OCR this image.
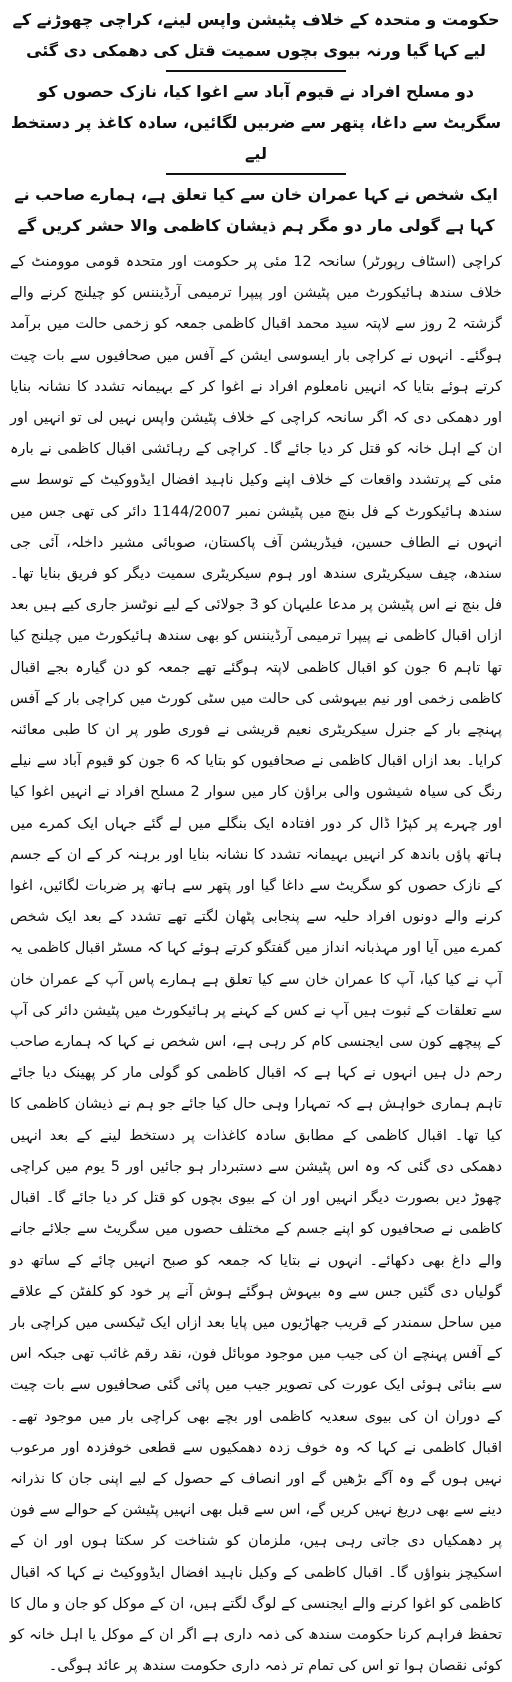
حکومت و متحدہ کے خلاف پٹیشن واپس لینے، کراچی چھوڑنے کے لیے کہا گیا ورنہ بیوی بچوں سمیت قتل کی دھمکی دی گئی

دو مسلح افراد نے قیوم آباد سے اغوا کیا، نازک حصوں کو سگریٹ سے داغا، پتھر سے ضربیں لگائیں، سادہ کاغذ پر دستخط لیے

ایک شخص نے کہا عمران خان سے کیا تعلق ہے، ہمارے صاحب نے کہا ہے گولی مار دو مگر ہم ذیشان کاظمی والا حشر کریں گے

کراچی (اسٹاف رپورٹر) سانحہ 12 مئی پر حکومت اور متحدہ قومی موومنٹ کے خلاف سندھ ہائیکورٹ میں پٹیشن اور پیپرا ترمیمی آرڈیننس کو چیلنج کرنے والے گزشتہ 2 روز سے لاپتہ سید محمد اقبال کاظمی جمعہ کو زخمی حالت میں برآمد ہوگئے۔ انہوں نے کراچی بار ایسوسی ایشن کے آفس میں صحافیوں سے بات چیت کرتے ہوئے بتایا کہ انہیں نامعلوم افراد نے اغوا کر کے بہیمانہ تشدد کا نشانہ بنایا اور دھمکی دی کہ اگر سانحہ کراچی کے خلاف پٹیشن واپس نہیں لی تو انہیں اور ان کے اہل خانہ کو قتل کر دیا جائے گا۔ کراچی کے رہائشی اقبال کاظمی نے بارہ مئی کے پرتشدد واقعات کے خلاف اپنے وکیل ناہید افضال ایڈووکیٹ کے توسط سے سندھ ہائیکورٹ کے فل بنچ میں پٹیشن نمبر 1144/2007 دائر کی تھی جس میں انہوں نے الطاف حسین، فیڈریشن آف پاکستان، صوبائی مشیر داخلہ، آئی جی سندھ، چیف سیکریٹری سندھ اور ہوم سیکریٹری سمیت دیگر کو فریق بنایا تھا۔ فل بنچ نے اس پٹیشن پر مدعا علیہان کو 3 جولائی کے لیے نوٹسز جاری کیے ہیں بعد ازاں اقبال کاظمی نے پیپرا ترمیمی آرڈیننس کو بھی سندھ ہائیکورٹ میں چیلنج کیا تھا تاہم 6 جون کو اقبال کاظمی لاپتہ ہوگئے تھے جمعہ کو دن گیارہ بجے اقبال کاظمی زخمی اور نیم بیہوشی کی حالت میں سٹی کورٹ میں کراچی بار کے آفس پہنچے بار کے جنرل سیکریٹری نعیم قریشی نے فوری طور پر ان کا طبی معائنہ کرایا۔ بعد ازاں اقبال کاظمی نے صحافیوں کو بتایا کہ 6 جون کو قیوم آباد سے نیلے رنگ کی سیاہ شیشوں والی براؤن کار میں سوار 2 مسلح افراد نے انہیں اغوا کیا اور چہرے پر کپڑا ڈال کر دور افتادہ ایک بنگلے میں لے گئے جہاں ایک کمرے میں ہاتھ پاؤں باندھ کر انہیں بہیمانہ تشدد کا نشانہ بنایا اور برہنہ کر کے ان کے جسم کے نازک حصوں کو سگریٹ سے داغا گیا اور پتھر سے ہاتھ پر ضربات لگائیں، اغوا کرنے والے دونوں افراد حلیہ سے پنجابی پٹھان لگتے تھے تشدد کے بعد ایک شخص کمرے میں آیا اور مہذبانہ انداز میں گفتگو کرتے ہوئے کہا کہ مسٹر اقبال کاظمی یہ آپ نے کیا کیا، آپ کا عمران خان سے کیا تعلق ہے ہمارے پاس آپ کے عمران خان سے تعلقات کے ثبوت ہیں آپ نے کس کے کہنے پر ہائیکورٹ میں پٹیشن دائر کی آپ کے پیچھے کون سی ایجنسی کام کر رہی ہے، اس شخص نے کہا کہ ہمارے صاحب رحم دل ہیں انہوں نے کہا ہے کہ اقبال کاظمی کو گولی مار کر پھینک دیا جائے تاہم ہماری خواہش ہے کہ تمہارا وہی حال کیا جائے جو ہم نے ذیشان کاظمی کا کیا تھا۔ اقبال کاظمی کے مطابق سادہ کاغذات پر دستخط لینے کے بعد انہیں دھمکی دی گئی کہ وہ اس پٹیشن سے دستبردار ہو جائیں اور 5 یوم میں کراچی چھوڑ دیں بصورت دیگر انہیں اور ان کے بیوی بچوں کو قتل کر دیا جائے گا۔ اقبال کاظمی نے صحافیوں کو اپنے جسم کے مختلف حصوں میں سگریٹ سے جلائے جانے والے داغ بھی دکھائے۔ انہوں نے بتایا کہ جمعہ کو صبح انہیں چائے کے ساتھ دو گولیاں دی گئیں جس سے وہ بیہوش ہوگئے ہوش آنے پر خود کو کلفٹن کے علاقے میں ساحل سمندر کے قریب جھاڑیوں میں پایا بعد ازاں ایک ٹیکسی میں کراچی بار کے آفس پہنچے ان کی جیب میں موجود موبائل فون، نقد رقم غائب تھی جبکہ اس سے بنائی ہوئی ایک عورت کی تصویر جیب میں پائی گئی صحافیوں سے بات چیت کے دوران ان کی بیوی سعدیہ کاظمی اور بچے بھی کراچی بار میں موجود تھے۔ اقبال کاظمی نے کہا کہ وہ خوف زدہ دھمکیوں سے قطعی خوفزدہ اور مرعوب نہیں ہوں گے وہ آگے بڑھیں گے اور انصاف کے حصول کے لیے اپنی جان کا نذرانہ دینے سے بھی دریغ نہیں کریں گے، اس سے قبل بھی انہیں پٹیشن کے حوالے سے فون پر دھمکیاں دی جاتی رہی ہیں، ملزمان کو شناخت کر سکتا ہوں اور ان کے اسکیچز بنواؤں گا۔ اقبال کاظمی کے وکیل ناہید افضال ایڈووکیٹ نے کہا کہ اقبال کاظمی کو اغوا کرنے والے ایجنسی کے لوگ لگتے ہیں، ان کے موکل کو جان و مال کا تحفظ فراہم کرنا حکومت سندھ کی ذمہ داری ہے اگر ان کے موکل یا اہل خانہ کو کوئی نقصان ہوا تو اس کی تمام تر ذمہ داری حکومت سندھ پر عائد ہوگی۔
